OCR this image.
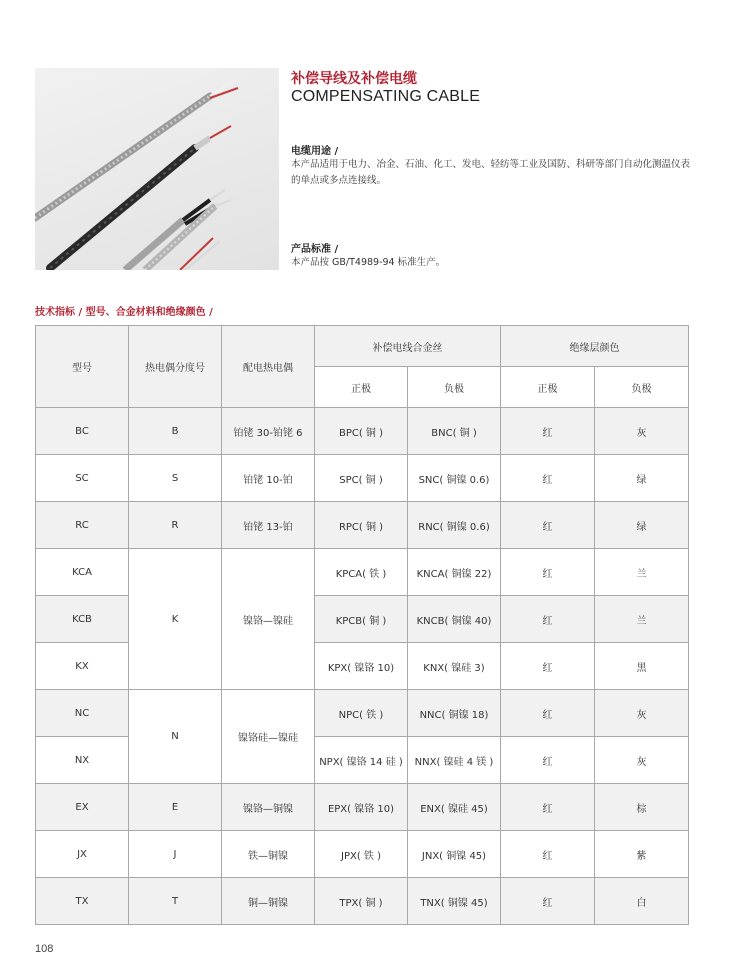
补偿导线及补偿电缆
COMPENSATING CABLE
电缆用途 /
本产品适用于电力、冶金、石油、化工、发电、轻纺等工业及国防、科研等部门自动化测温仪表的单点或多点连接线。
产品标准 /
本产品按 GB/T4989-94 标准生产。
技术指标 / 型号、合金材料和绝缘颜色 /
型号	热电偶分度号	配电热电偶	补偿电线合金丝		绝缘层颜色	
			正极	负极	正极	负极
BC	B	铂铑 30-铂铑 6	BPC( 铜 )	BNC( 铜 )	红	灰
SC	S	铂铑 10-铂	SPC( 铜 )	SNC( 铜镍 0.6)	红	绿
RC	R	铂铑 13-铂	RPC( 铜 )	RNC( 铜镍 0.6)	红	绿
KCA	K	镍铬—镍硅	KPCA( 铁 )	KNCA( 铜镍 22)	红	兰
KCB			KPCB( 铜 )	KNCB( 铜镍 40)	红	兰
KX			KPX( 镍铬 10)	KNX( 镍硅 3)	红	黑
NC	N	镍铬硅—镍硅	NPC( 铁 )	NNC( 铜镍 18)	红	灰
NX			NPX( 镍铬 14 硅 )	NNX( 镍硅 4 镁 )	红	灰
EX	E	镍铬—铜镍	EPX( 镍铬 10)	ENX( 镍硅 45)	红	棕
JX	J	铁—铜镍	JPX( 铁 )	JNX( 铜镍 45)	红	紫
TX	T	铜—铜镍	TPX( 铜 )	TNX( 铜镍 45)	红	白
108
